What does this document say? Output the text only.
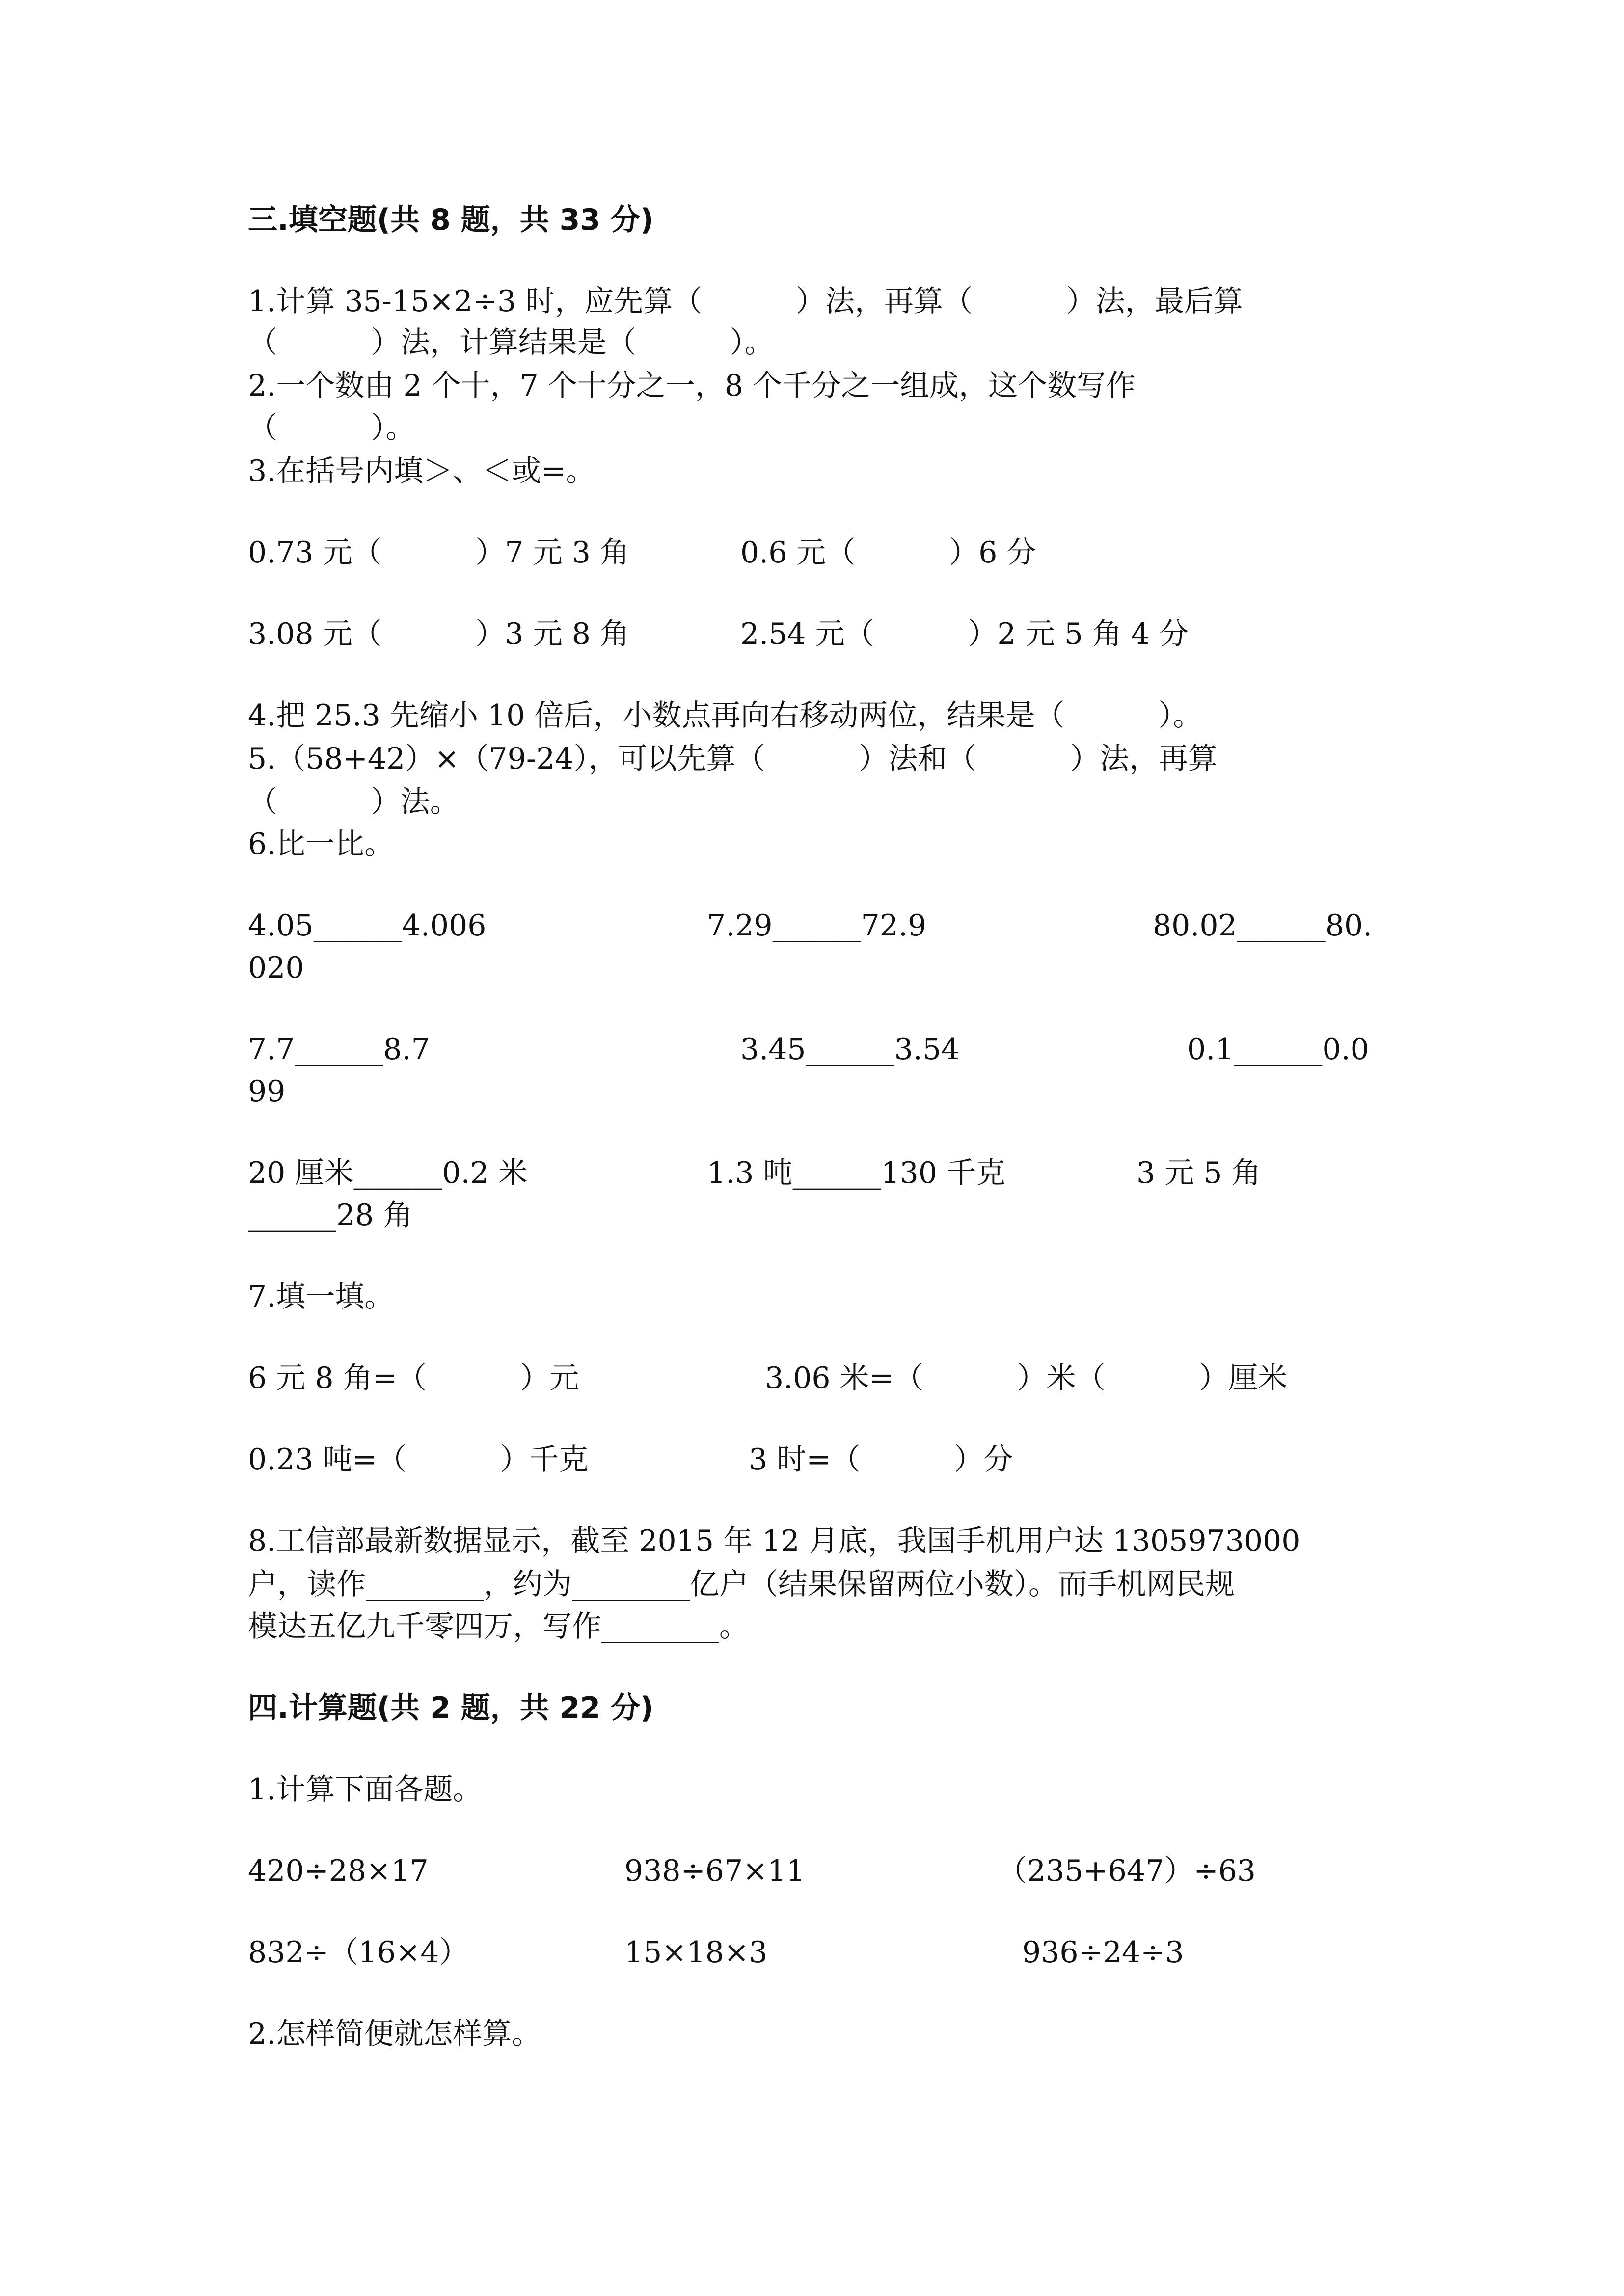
三.填空题(共 8 题，共 33 分)
1.计算 35-15×2÷3 时，应先算（          ）法，再算（          ）法，最后算
（          ）法，计算结果是（          ）。
2.一个数由 2 个十，7 个十分之一，8 个千分之一组成，这个数写作
（          ）。
3.在括号内填＞、＜或=。
0.73 元（          ）7 元 3 角	0.6 元（          ）6 分
3.08 元（          ）3 元 8 角	2.54 元（          ）2 元 5 角 4 分
4.把 25.3 先缩小 10 倍后，小数点再向右移动两位，结果是（          ）。
5.（58+42）×（79-24），可以先算（          ）法和（          ）法，再算
（          ）法。
6.比一比。
4.05______4.006	7.29______72.9	80.02______80.
020
7.7______8.7	3.45______3.54	0.1______0.0
99
20 厘米______0.2 米	1.3 吨______130 千克	3 元 5 角
______28 角
7.填一填。
6 元 8 角=（          ）元	3.06 米=（          ）米（          ）厘米
0.23 吨=（          ）千克	3 时=（          ）分
8.工信部最新数据显示，截至 2015 年 12 月底，我国手机用户达 1305973000
户，读作________，约为________亿户（结果保留两位小数）。而手机网民规
模达五亿九千零四万，写作________。
四.计算题(共 2 题，共 22 分)
1.计算下面各题。
420÷28×17	938÷67×11	（235+647）÷63
832÷（16×4）	15×18×3	936÷24÷3
2.怎样简便就怎样算。
